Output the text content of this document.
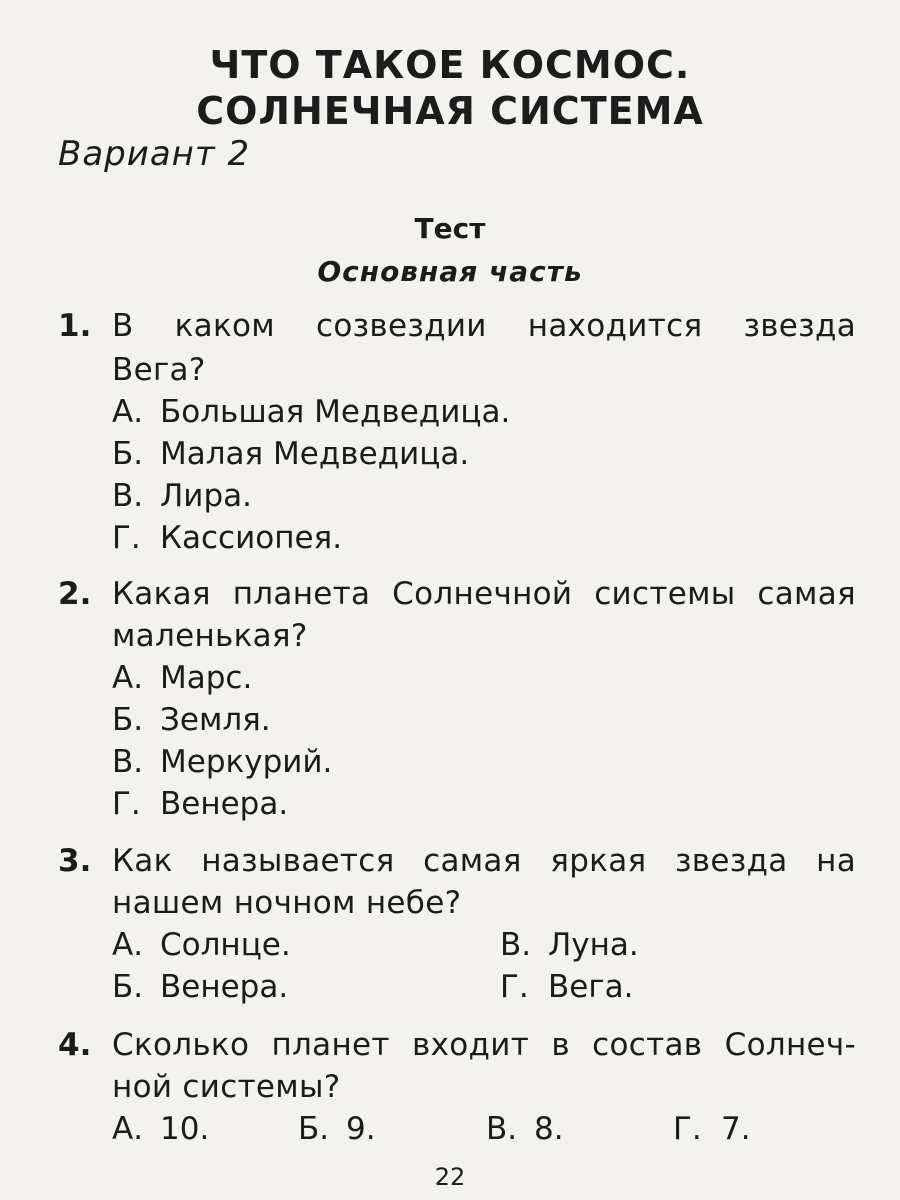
ЧТО ТАКОЕ КОСМОС.
СОЛНЕЧНАЯ СИСТЕМА
Вариант 2
Тест
Основная часть
1. В каком созвездии находится звезда
Вега?
А. Большая Медведица.
Б. Малая Медведица.
В. Лира.
Г. Кассиопея.
2. Какая планета Солнечной системы самая
маленькая?
А. Марс.
Б. Земля.
В. Меркурий.
Г. Венера.
3. Как называется самая яркая звезда на
нашем ночном небе?
А. Солнце.	В. Луна.
Б. Венера.	Г. Вега.
4. Сколько планет входит в состав Солнеч-
ной системы?
А. 10.	Б. 9.	В. 8.	Г. 7.
22
